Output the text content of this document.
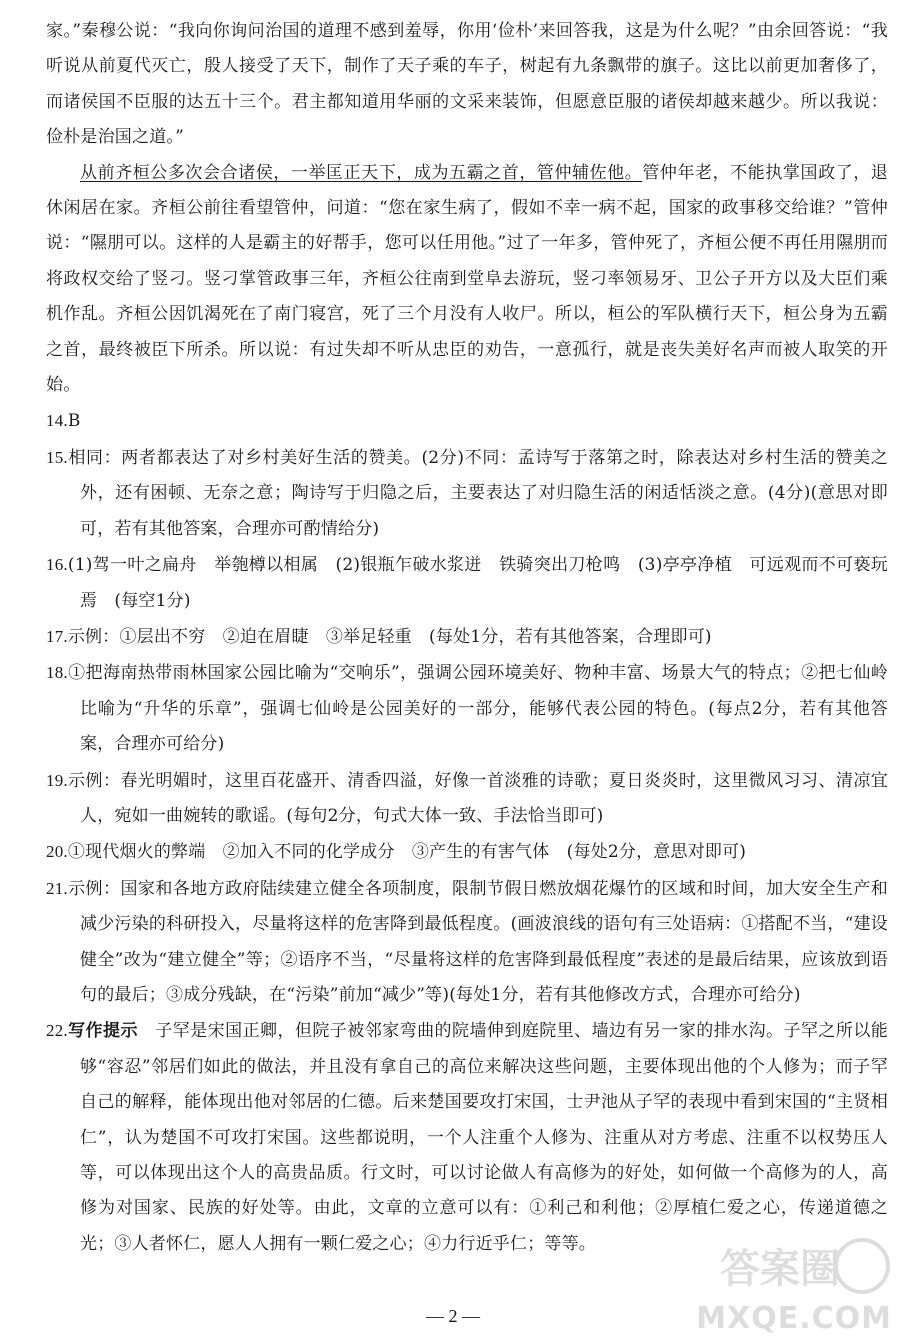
家。”秦穆公说：“我向你询问治国的道理不感到羞辱，你用‘俭朴’来回答我，这是为什么呢？”由余回答说：“我听说从前夏代灭亡，殷人接受了天下，制作了天子乘的车子，树起有九条飘带的旗子。这比以前更加奢侈了，而诸侯国不臣服的达五十三个。君主都知道用华丽的文采来装饰，但愿意臣服的诸侯却越来越少。所以我说：俭朴是治国之道。”

从前齐桓公多次会合诸侯，一举匡正天下，成为五霸之首，管仲辅佐他。管仲年老，不能执掌国政了，退休闲居在家。齐桓公前往看望管仲，问道：“您在家生病了，假如不幸一病不起，国家的政事移交给谁？”管仲说：“隰朋可以。这样的人是霸主的好帮手，您可以任用他。”过了一年多，管仲死了，齐桓公便不再任用隰朋而将政权交给了竖刁。竖刁掌管政事三年，齐桓公往南到堂阜去游玩，竖刁率领易牙、卫公子开方以及大臣们乘机作乱。齐桓公因饥渴死在了南门寝宫，死了三个月没有人收尸。所以，桓公的军队横行天下，桓公身为五霸之首，最终被臣下所杀。所以说：有过失却不听从忠臣的劝告，一意孤行，就是丧失美好名声而被人取笑的开始。

14.B

15.相同：两者都表达了对乡村美好生活的赞美。(2分)不同：孟诗写于落第之时，除表达对乡村生活的赞美之外，还有困顿、无奈之意；陶诗写于归隐之后，主要表达了对归隐生活的闲适恬淡之意。(4分)(意思对即可，若有其他答案，合理亦可酌情给分)

16.(1)驾一叶之扁舟　举匏樽以相属　(2)银瓶乍破水浆迸　铁骑突出刀枪鸣　(3)亭亭净植　可远观而不可亵玩焉　(每空1分)

17.示例：①层出不穷　②迫在眉睫　③举足轻重　(每处1分，若有其他答案，合理即可)

18.①把海南热带雨林国家公园比喻为“交响乐”，强调公园环境美好、物种丰富、场景大气的特点；②把七仙岭比喻为“升华的乐章”，强调七仙岭是公园美好的一部分，能够代表公园的特色。(每点2分，若有其他答案，合理亦可给分)

19.示例：春光明媚时，这里百花盛开、清香四溢，好像一首淡雅的诗歌；夏日炎炎时，这里微风习习、清凉宜人，宛如一曲婉转的歌谣。(每句2分，句式大体一致、手法恰当即可)

20.①现代烟火的弊端　②加入不同的化学成分　③产生的有害气体　(每处2分，意思对即可)

21.示例：国家和各地方政府陆续建立健全各项制度，限制节假日燃放烟花爆竹的区域和时间，加大安全生产和减少污染的科研投入，尽量将这样的危害降到最低程度。(画波浪线的语句有三处语病：①搭配不当，“建设健全”改为“建立健全”等；②语序不当，“尽量将这样的危害降到最低程度”表述的是最后结果，应该放到语句的最后；③成分残缺，在“污染”前加“减少”等)(每处1分，若有其他修改方式，合理亦可给分)

22.写作提示　子罕是宋国正卿，但院子被邻家弯曲的院墙伸到庭院里、墙边有另一家的排水沟。子罕之所以能够“容忍”邻居们如此的做法，并且没有拿自己的高位来解决这些问题，主要体现出他的个人修为；而子罕自己的解释，能体现出他对邻居的仁德。后来楚国要攻打宋国，士尹池从子罕的表现中看到宋国的“主贤相仁”，认为楚国不可攻打宋国。这些都说明，一个人注重个人修为、注重从对方考虑、注重不以权势压人等，可以体现出这个人的高贵品质。行文时，可以讨论做人有高修为的好处，如何做一个高修为的人，高修为对国家、民族的好处等。由此，文章的立意可以有：①利己和利他；②厚植仁爱之心，传递道德之光；③人者怀仁，愿人人拥有一颗仁爱之心；④力行近乎仁；等等。

— 2 —
答案圈
MXQE.COM
